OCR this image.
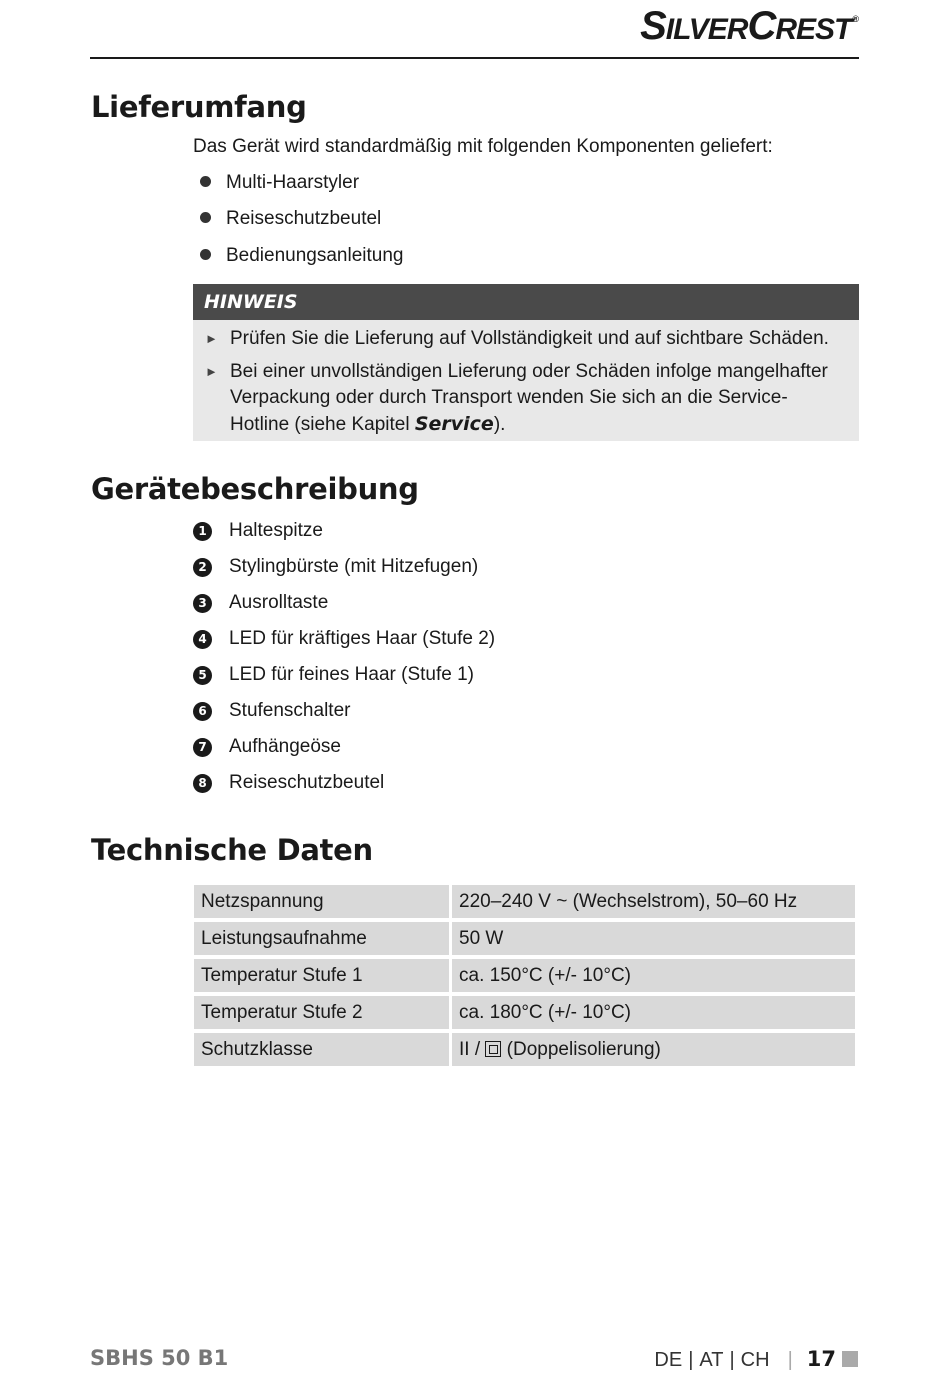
SILVERCREST®
Lieferumfang
Das Gerät wird standardmäßig mit folgenden Komponenten geliefert:
Multi-Haarstyler
Reiseschutzbeutel
Bedienungsanleitung
HINWEIS
► Prüfen Sie die Lieferung auf Vollständigkeit und auf sichtbare Schäden.
► Bei einer unvollständigen Lieferung oder Schäden infolge mangelhafter Verpackung oder durch Transport wenden Sie sich an die Service-Hotline (siehe Kapitel Service).
Gerätebeschreibung
1 Haltespitze
2 Stylingbürste (mit Hitzefugen)
3 Ausrolltaste
4 LED für kräftiges Haar (Stufe 2)
5 LED für feines Haar (Stufe 1)
6 Stufenschalter
7 Aufhängeöse
8 Reiseschutzbeutel
Technische Daten
Netzspannung	220–240 V ~ (Wechselstrom), 50–60 Hz
Leistungsaufnahme	50 W
Temperatur Stufe 1	ca. 150°C (+/- 10°C)
Temperatur Stufe 2	ca. 180°C (+/- 10°C)
Schutzklasse	II /  (Doppelisolierung)
SBHS 50 B1	DE | AT | CH | 17
